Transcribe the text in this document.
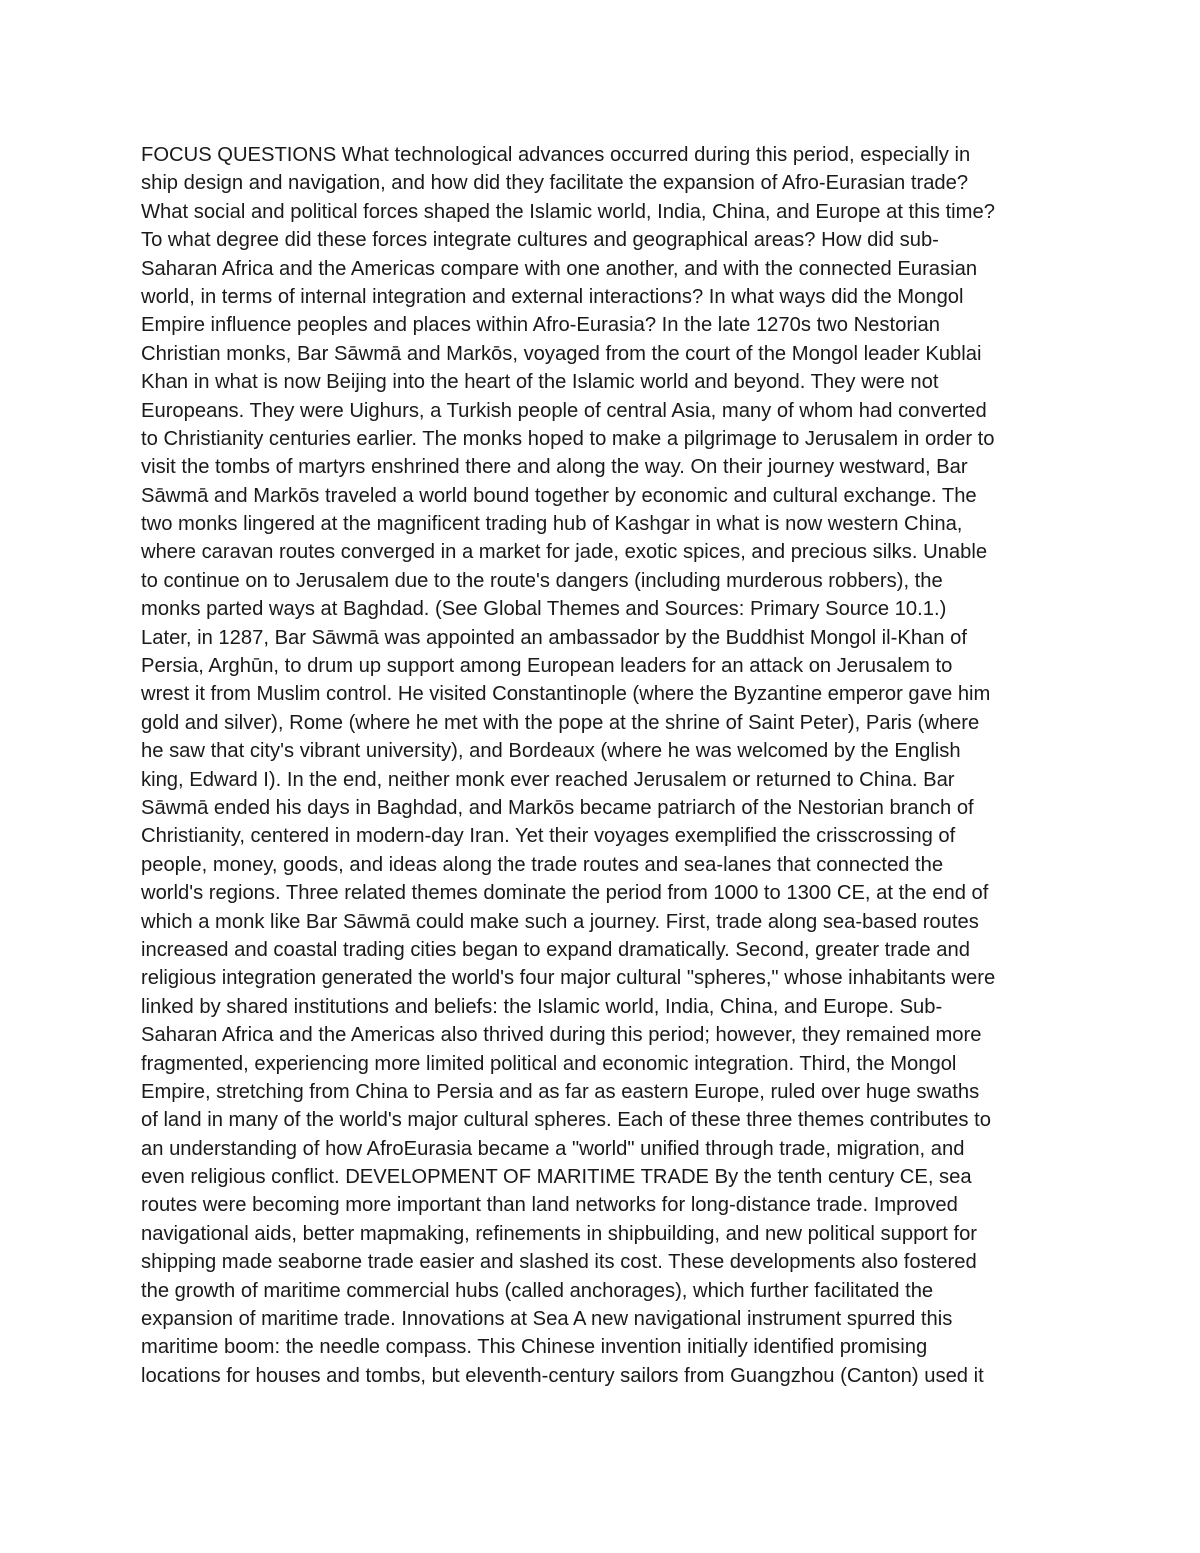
FOCUS QUESTIONS What technological advances occurred during this period, especially in
ship design and navigation, and how did they facilitate the expansion of Afro-Eurasian trade?
What social and political forces shaped the Islamic world, India, China, and Europe at this time?
To what degree did these forces integrate cultures and geographical areas? How did sub-
Saharan Africa and the Americas compare with one another, and with the connected Eurasian
world, in terms of internal integration and external interactions? In what ways did the Mongol
Empire influence peoples and places within Afro-Eurasia? In the late 1270s two Nestorian
Christian monks, Bar Sāwmā and Markōs, voyaged from the court of the Mongol leader Kublai
Khan in what is now Beijing into the heart of the Islamic world and beyond. They were not
Europeans. They were Uighurs, a Turkish people of central Asia, many of whom had converted
to Christianity centuries earlier. The monks hoped to make a pilgrimage to Jerusalem in order to
visit the tombs of martyrs enshrined there and along the way. On their journey westward, Bar
Sāwmā and Markōs traveled a world bound together by economic and cultural exchange. The
two monks lingered at the magnificent trading hub of Kashgar in what is now western China,
where caravan routes converged in a market for jade, exotic spices, and precious silks. Unable
to continue on to Jerusalem due to the route's dangers (including murderous robbers), the
monks parted ways at Baghdad. (See Global Themes and Sources: Primary Source 10.1.)
Later, in 1287, Bar Sāwmā was appointed an ambassador by the Buddhist Mongol il-Khan of
Persia, Arghūn, to drum up support among European leaders for an attack on Jerusalem to
wrest it from Muslim control. He visited Constantinople (where the Byzantine emperor gave him
gold and silver), Rome (where he met with the pope at the shrine of Saint Peter), Paris (where
he saw that city's vibrant university), and Bordeaux (where he was welcomed by the English
king, Edward I). In the end, neither monk ever reached Jerusalem or returned to China. Bar
Sāwmā ended his days in Baghdad, and Markōs became patriarch of the Nestorian branch of
Christianity, centered in modern-day Iran. Yet their voyages exemplified the crisscrossing of
people, money, goods, and ideas along the trade routes and sea-lanes that connected the
world's regions. Three related themes dominate the period from 1000 to 1300 CE, at the end of
which a monk like Bar Sāwmā could make such a journey. First, trade along sea-based routes
increased and coastal trading cities began to expand dramatically. Second, greater trade and
religious integration generated the world's four major cultural "spheres," whose inhabitants were
linked by shared institutions and beliefs: the Islamic world, India, China, and Europe. Sub-
Saharan Africa and the Americas also thrived during this period; however, they remained more
fragmented, experiencing more limited political and economic integration. Third, the Mongol
Empire, stretching from China to Persia and as far as eastern Europe, ruled over huge swaths
of land in many of the world's major cultural spheres. Each of these three themes contributes to
an understanding of how AfroEurasia became a "world" unified through trade, migration, and
even religious conflict. DEVELOPMENT OF MARITIME TRADE By the tenth century CE, sea
routes were becoming more important than land networks for long-distance trade. Improved
navigational aids, better mapmaking, refinements in shipbuilding, and new political support for
shipping made seaborne trade easier and slashed its cost. These developments also fostered
the growth of maritime commercial hubs (called anchorages), which further facilitated the
expansion of maritime trade. Innovations at Sea A new navigational instrument spurred this
maritime boom: the needle compass. This Chinese invention initially identified promising
locations for houses and tombs, but eleventh-century sailors from Guangzhou (Canton) used it
